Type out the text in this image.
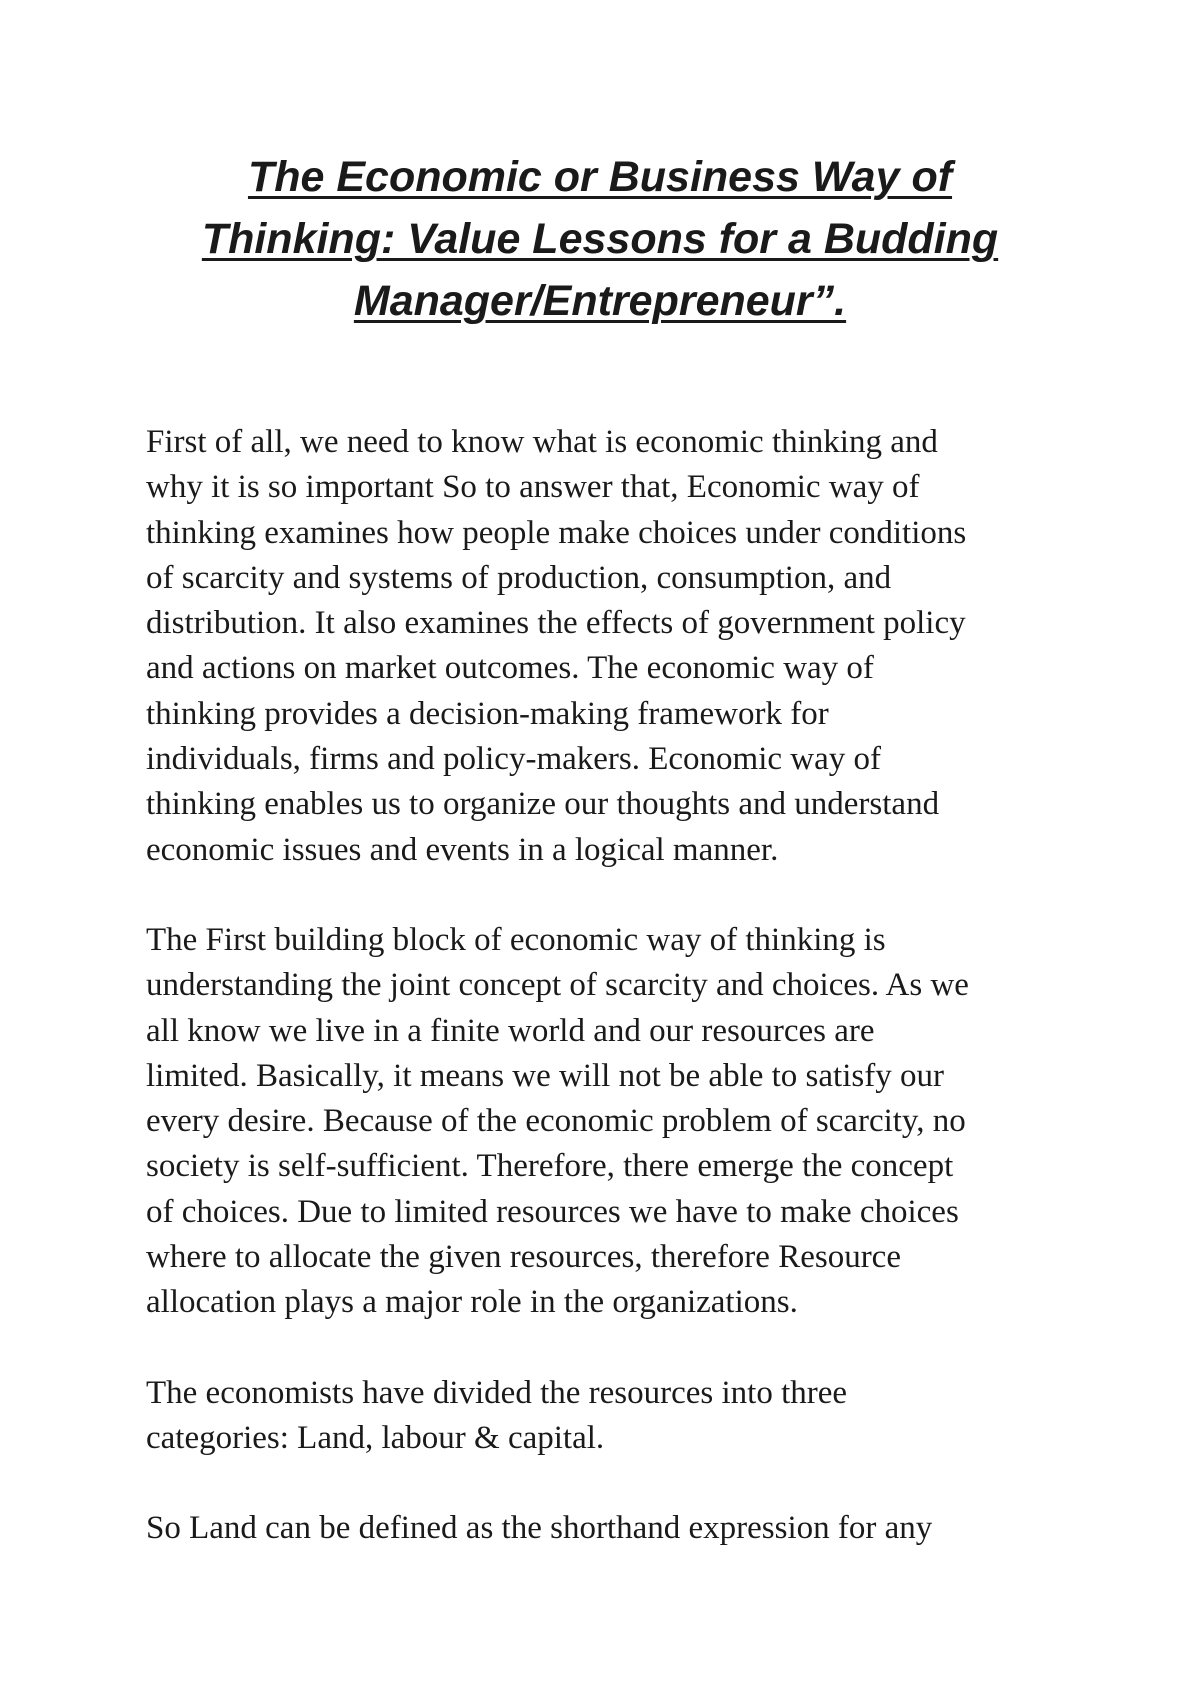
The Economic or Business Way of
Thinking: Value Lessons for a Budding
Manager/Entrepreneur”.

First of all, we need to know what is economic thinking and
why it is so important So to answer that, Economic way of
thinking examines how people make choices under conditions
of scarcity and systems of production, consumption, and
distribution. It also examines the effects of government policy
and actions on market outcomes. The economic way of
thinking provides a decision-making framework for
individuals, firms and policy-makers. Economic way of
thinking enables us to organize our thoughts and understand
economic issues and events in a logical manner.

The First building block of economic way of thinking is
understanding the joint concept of scarcity and choices. As we
all know we live in a finite world and our resources are
limited. Basically, it means we will not be able to satisfy our
every desire. Because of the economic problem of scarcity, no
society is self-sufficient. Therefore, there emerge the concept
of choices. Due to limited resources we have to make choices
where to allocate the given resources, therefore Resource
allocation plays a major role in the organizations.

The economists have divided the resources into three
categories: Land, labour & capital.

So Land can be defined as the shorthand expression for any
